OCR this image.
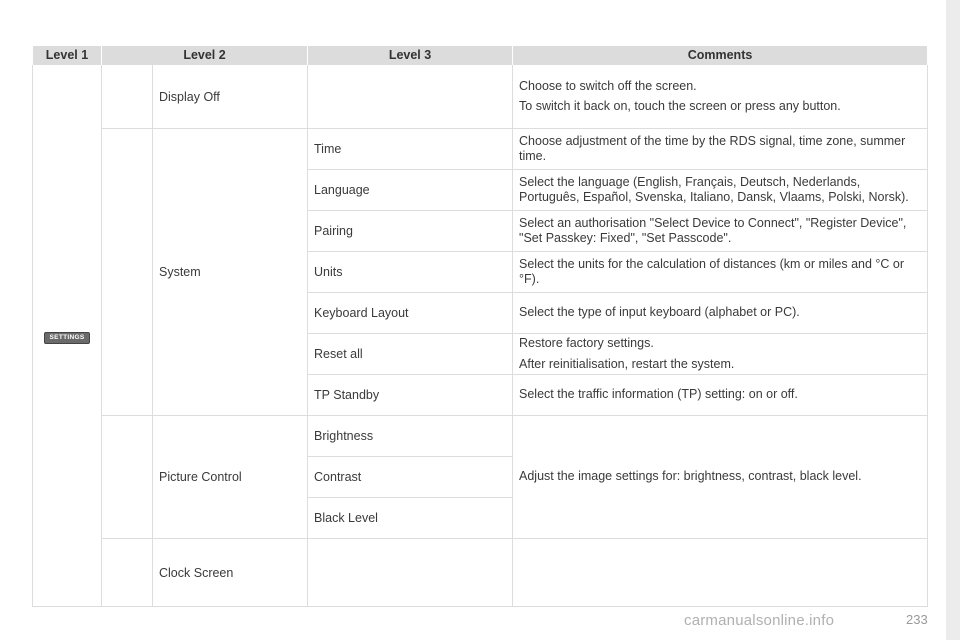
Level 1	Level 2		Level 3	Comments
SETTINGS		Display Off		Choose to switch off the screen.
To switch it back on, touch the screen or press any button.

		System	Time	Choose adjustment of the time by the RDS signal, time zone, summer time.

			Language	Select the language (English, Français, Deutsch, Nederlands, Português, Español, Svenska, Italiano, Dansk, Vlaams, Polski, Norsk).

			Pairing	Select an authorisation "Select Device to Connect", "Register Device", "Set Passkey: Fixed", "Set Passcode".

			Units	Select the units for the calculation of distances (km or miles and °C or °F).

			Keyboard Layout	Select the type of input keyboard (alphabet or PC).

			Reset all	Restore factory settings.
After reinitialisation, restart the system.

			TP Standby	Select the traffic information (TP) setting: on or off.

		Picture Control	Brightness	Adjust the image settings for: brightness, contrast, black level.

			Contrast	
			Black Level	
		Clock Screen		
carmanualsonline.info	233
